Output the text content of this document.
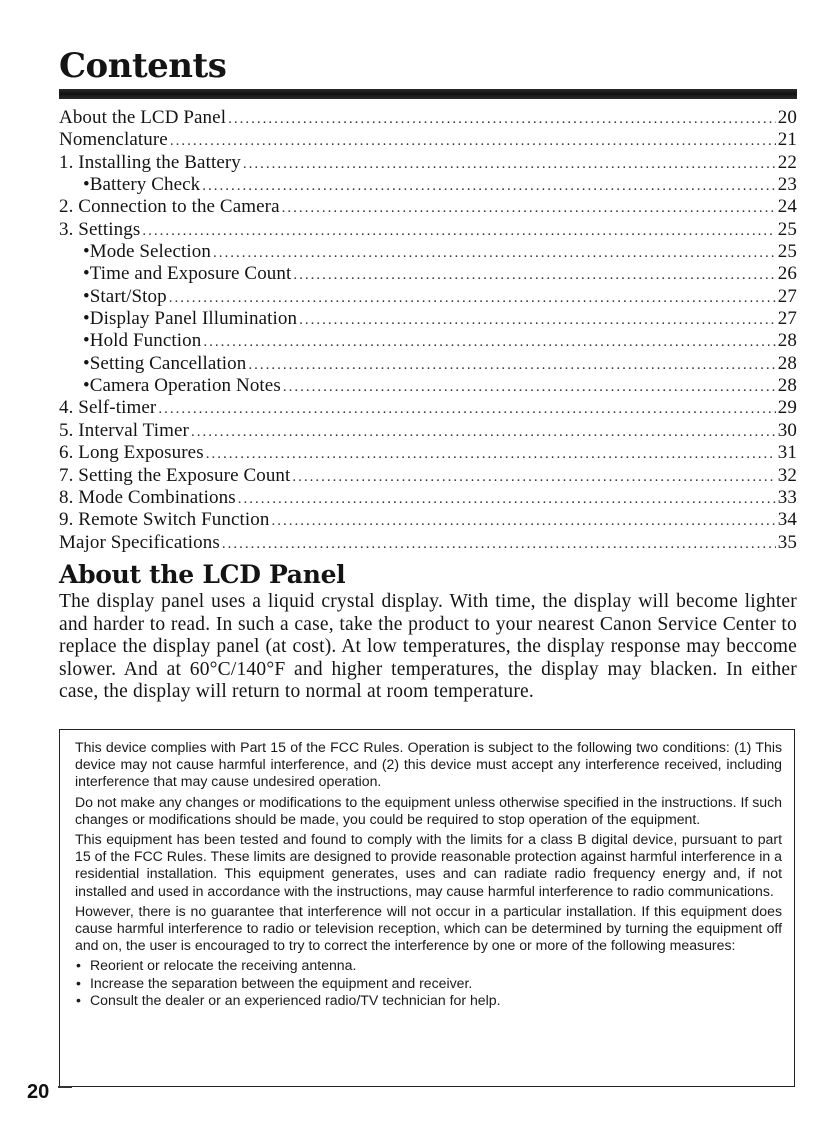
Contents
About the LCD Panel .....	20
Nomenclature .....	21
1. Installing the Battery .....	22
•Battery Check .....	23
2. Connection to the Camera .....	24
3. Settings .....	25
•Mode Selection .....	25
•Time and Exposure Count .....	26
•Start/Stop .....	27
•Display Panel Illumination .....	27
•Hold Function .....	28
•Setting Cancellation .....	28
•Camera Operation Notes .....	28
4. Self-timer .....	29
5. Interval Timer .....	30
6. Long Exposures .....	31
7. Setting the Exposure Count .....	32
8. Mode Combinations .....	33
9. Remote Switch Function .....	34
Major Specifications .....	35
About the LCD Panel

The display panel uses a liquid crystal display. With time, the display will become lighter and harder to read. In such a case, take the product to your nearest Canon Service Center to replace the display panel (at cost). At low temperatures, the display response may beccome slower. And at 60°C/140°F and higher temperatures, the display may blacken. In either case, the display will return to normal at room temperature.

This device complies with Part 15 of the FCC Rules. Operation is subject to the following two conditions: (1) This device may not cause harmful interference, and (2) this device must accept any interference received, including interference that may cause undesired operation.

Do not make any changes or modifications to the equipment unless otherwise specified in the instructions. If such changes or modifications should be made, you could be required to stop operation of the equipment.

This equipment has been tested and found to comply with the limits for a class B digital device, pursuant to part 15 of the FCC Rules. These limits are designed to provide reasonable protection against harmful interference in a residential installation. This equipment generates, uses and can radiate radio frequency energy and, if not installed and used in accordance with the instructions, may cause harmful interference to radio communications.

However, there is no guarantee that interference will not occur in a particular installation. If this equipment does cause harmful interference to radio or television reception, which can be determined by turning the equipment off and on, the user is encouraged to try to correct the interference by one or more of the following measures:

• Reorient or relocate the receiving antenna.
• Increase the separation between the equipment and receiver.
• Consult the dealer or an experienced radio/TV technician for help.
20
